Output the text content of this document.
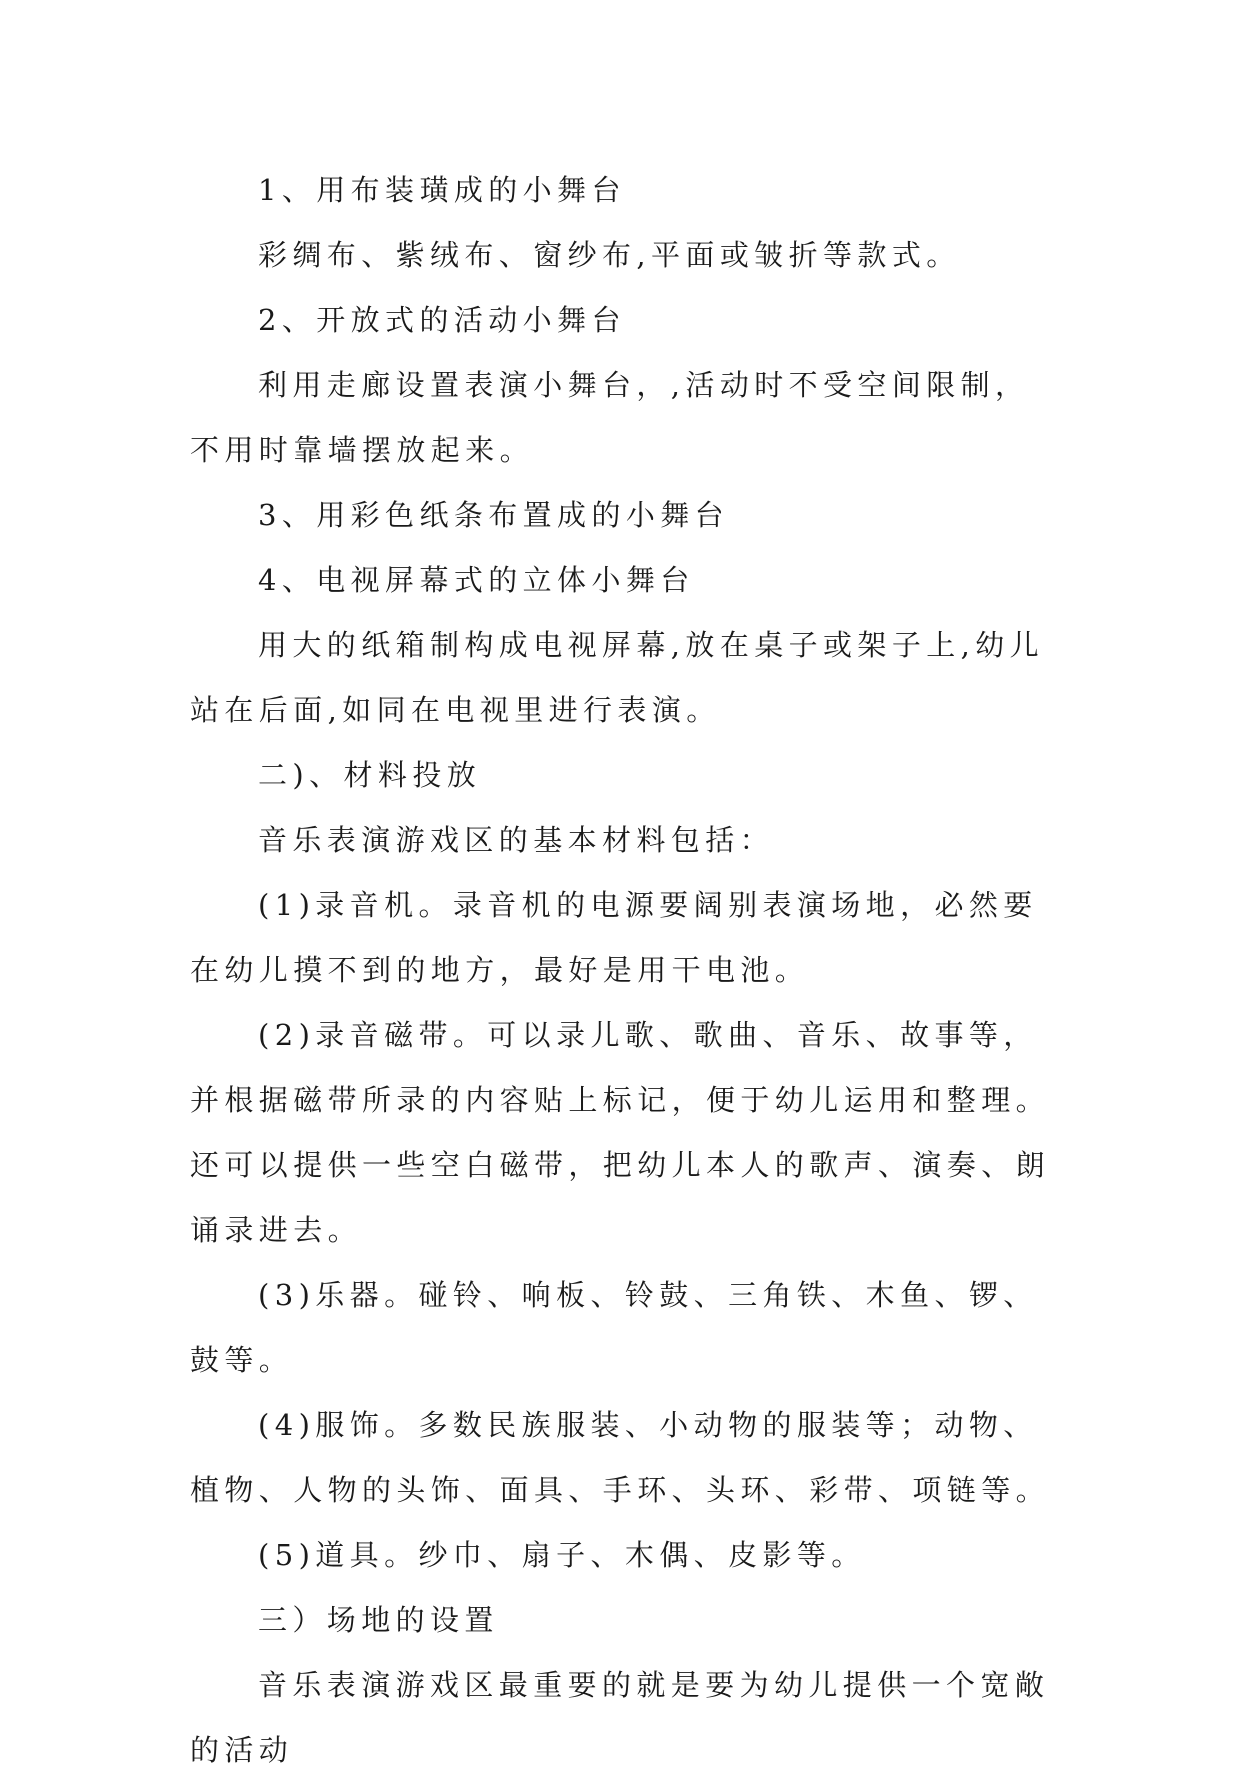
1、用布装璜成的小舞台

彩绸布、紫绒布、窗纱布,平面或皱折等款式。

2、开放式的活动小舞台

利用走廊设置表演小舞台，,活动时不受空间限制，不用时靠墙摆放起来。

3、用彩色纸条布置成的小舞台

4、电视屏幕式的立体小舞台

用大的纸箱制构成电视屏幕,放在桌子或架子上,幼儿站在后面,如同在电视里进行表演。

二)、材料投放

音乐表演游戏区的基本材料包括：

(1)录音机。录音机的电源要阔别表演场地，必然要在幼儿摸不到的地方，最好是用干电池。

(2)录音磁带。可以录儿歌、歌曲、音乐、故事等，并根据磁带所录的内容贴上标记，便于幼儿运用和整理。还可以提供一些空白磁带，把幼儿本人的歌声、演奏、朗诵录进去。

(3)乐器。碰铃、响板、铃鼓、三角铁、木鱼、锣、鼓等。

(4)服饰。多数民族服装、小动物的服装等；动物、植物、人物的头饰、面具、手环、头环、彩带、项链等。

(5)道具。纱巾、扇子、木偶、皮影等。

三）场地的设置

音乐表演游戏区最重要的就是要为幼儿提供一个宽敞的活动
